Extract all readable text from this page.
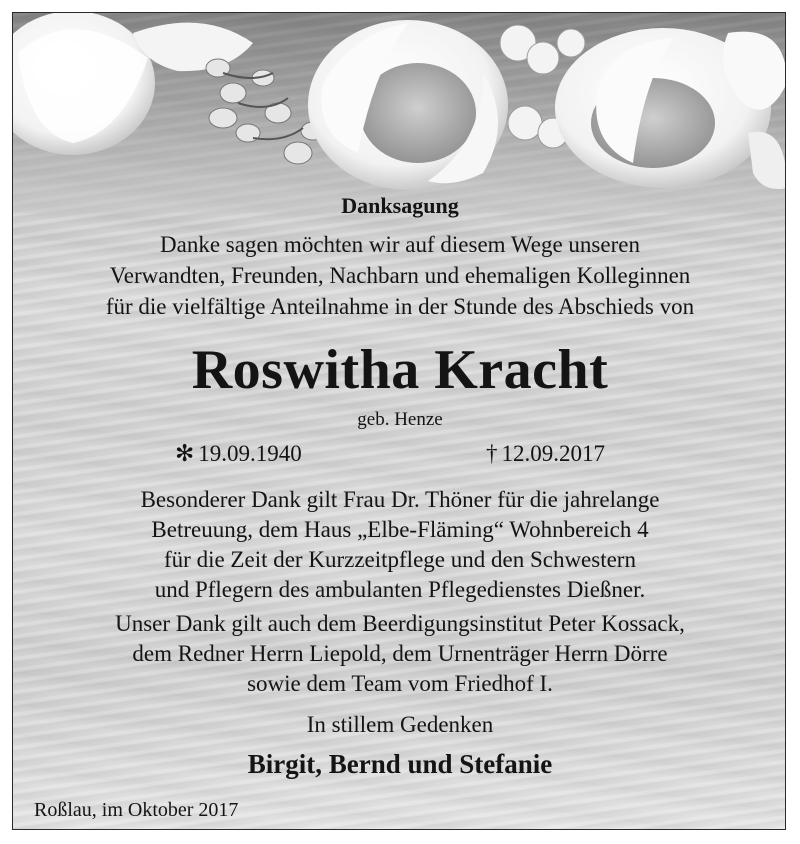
Danksagung
Danke sagen möchten wir auf diesem Wege unseren
Verwandten, Freunden, Nachbarn und ehemaligen Kolleginnen
für die vielfältige Anteilnahme in der Stunde des Abschieds von
Roswitha Kracht
geb. Henze
✻ 19.09.1940	† 12.09.2017
Besonderer Dank gilt Frau Dr. Thöner für die jahrelange
Betreuung, dem Haus „Elbe-Fläming“ Wohnbereich 4
für die Zeit der Kurzzeitpflege und den Schwestern
und Pflegern des ambulanten Pflegedienstes Dießner.
Unser Dank gilt auch dem Beerdigungsinstitut Peter Kossack,
dem Redner Herrn Liepold, dem Urnenträger Herrn Dörre
sowie dem Team vom Friedhof I.
In stillem Gedenken
Birgit, Bernd und Stefanie
Roßlau, im Oktober 2017
